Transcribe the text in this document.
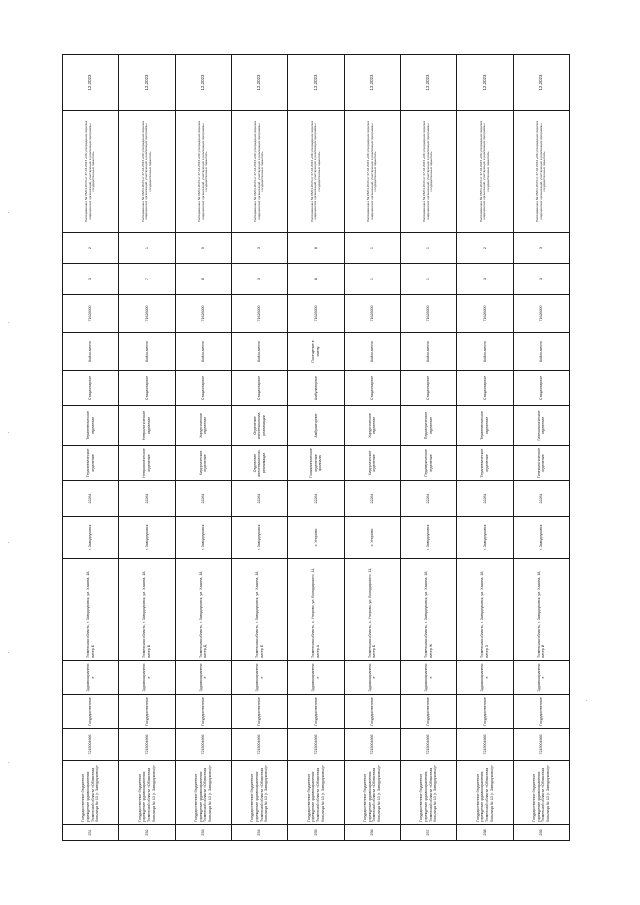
251	Государственное бюджетное учреждение здравоохранения Тюменской области «Областная больница № 13 (г. Заводоуковск)»	7215004666	Государственное	Здравоохранение	Тюменская область, г. Заводоуковск, ул. Хахина, 18, литер Б	г. Заводоуковск	22264	Терапевтическое отделение	Терапевтическое отделение	Стационарное	Койко-место	71626000	3	2	Распоряжение № 05/04-2023 от 27.02.2023 «Об утверждении перечня медицинских организаций, участвующих в реализации программы государственных гарантий»	12.2023
252	Государственное бюджетное учреждение здравоохранения Тюменской области «Областная больница № 13 (г. Заводоуковск)»	7215004666	Государственное	Здравоохранение	Тюменская область, г. Заводоуковск, ул. Хахина, 18, литер В	г. Заводоуковск	22264	Неврологическое отделение	Неврологическое отделение	Стационарное	Койко-место	71626000	7	1	Распоряжение № 05/04-2023 от 27.02.2023 «Об утверждении перечня медицинских организаций, участвующих в реализации программы государственных гарантий»	12.2023
253	Государственное бюджетное учреждение здравоохранения Тюменской области «Областная больница № 13 (г. Заводоуковск)»	7215004666	Государственное	Здравоохранение	Тюменская область, г. Заводоуковск, ул. Хахина, 18, литер Д	г. Заводоуковск	22264	Хирургическое отделение	Хирургическое отделение	Стационарное	Койко-место	71626000	6	0	Распоряжение № 05/04-2023 от 27.02.2023 «Об утверждении перечня медицинских организаций, участвующих в реализации программы государственных гарантий»	12.2023
254	Государственное бюджетное учреждение здравоохранения Тюменской области «Областная больница № 13 (г. Заводоуковск)»	7215004666	Государственное	Здравоохранение	Тюменская область, г. Заводоуковск, ул. Хахина, 18, литер Е	г. Заводоуковск	22264	Отделение анестезиологии-реанимации	Отделение анестезиологии-реанимации	Стационарное	Койко-место	71626000	3	3	Распоряжение № 05/04-2023 от 27.02.2023 «Об утверждении перечня медицинских организаций, участвующих в реализации программы государственных гарантий»	12.2023
255	Государственное бюджетное учреждение здравоохранения Тюменской области «Областная больница № 13 (г. Заводоуковск)»	7215004666	Государственное	Здравоохранение	Тюменская область, с. Упорово, ул. Володарского, 11, литер А	с. Упорово	22264	Поликлиническое отделение филиала	Амбулаторное	Амбулаторное	Посещение в смену	71626000	8	8	Распоряжение № 05/04-2023 от 27.02.2023 «Об утверждении перечня медицинских организаций, участвующих в реализации программы государственных гарантий»	12.2023
256	Государственное бюджетное учреждение здравоохранения Тюменской области «Областная больница № 13 (г. Заводоуковск)»	7215004666	Государственное	Здравоохранение	Тюменская область, с. Упорово, ул. Володарского, 11, литер Б	с. Упорово	22264	Хирургическое отделение	Хирургическое отделение	Стационарное	Койко-место	71626000	1	1	Распоряжение № 05/04-2023 от 27.02.2023 «Об утверждении перечня медицинских организаций, участвующих в реализации программы государственных гарантий»	12.2023
257	Государственное бюджетное учреждение здравоохранения Тюменской области «Областная больница № 13 (г. Заводоуковск)»	7215004666	Государственное	Здравоохранение	Тюменская область, г. Заводоуковск, ул. Хахина, 18, литер Ж	г. Заводоуковск	22264	Педиатрическое отделение	Педиатрическое отделение	Стационарное	Койко-место	71626000	1	1	Распоряжение № 05/04-2023 от 27.02.2023 «Об утверждении перечня медицинских организаций, участвующих в реализации программы государственных гарантий»	12.2023
258	Государственное бюджетное учреждение здравоохранения Тюменской области «Областная больница № 13 (г. Заводоуковск)»	7215004666	Государственное	Здравоохранение	Тюменская область, г. Заводоуковск, ул. Хахина, 18, литер З	г. Заводоуковск	22264	Терапевтическое отделение	Терапевтическое отделение	Стационарное	Койко-место	71626000	3	2	Распоряжение № 05/04-2023 от 27.02.2023 «Об утверждении перечня медицинских организаций, участвующих в реализации программы государственных гарантий»	12.2023
259	Государственное бюджетное учреждение здравоохранения Тюменской области «Областная больница № 13 (г. Заводоуковск)»	7215004666	Государственное	Здравоохранение	Тюменская область, г. Заводоуковск, ул. Хахина, 18, литер И	г. Заводоуковск	22264	Гинекологическое отделение	Гинекологическое отделение	Стационарное	Койко-место	71626000	3	3	Распоряжение № 05/04-2023 от 27.02.2023 «Об утверждении перечня медицинских организаций, участвующих в реализации программы государственных гарантий»	12.2023
